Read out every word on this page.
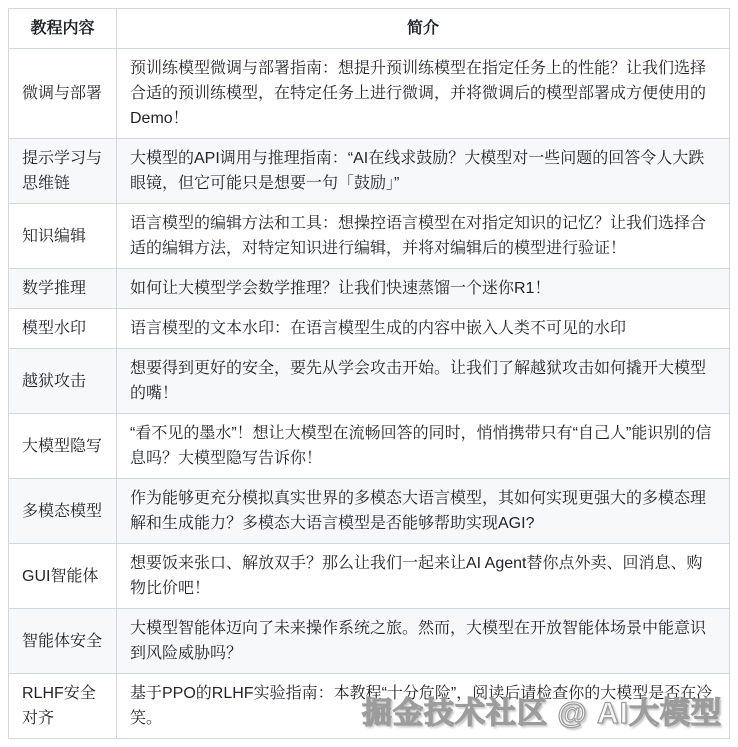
教程内容	简介
微调与部署	预训练模型微调与部署指南：想提升预训练模型在指定任务上的性能？让我们选择合适的预训练模型，在特定任务上进行微调，并将微调后的模型部署成方便使用的Demo！
提示学习与思维链	大模型的API调用与推理指南：“AI在线求鼓励？大模型对一些问题的回答令人大跌眼镜，但它可能只是想要一句「鼓励」”
知识编辑	语言模型的编辑方法和工具：想操控语言模型在对指定知识的记忆？让我们选择合适的编辑方法，对特定知识进行编辑，并将对编辑后的模型进行验证！
数学推理	如何让大模型学会数学推理？让我们快速蒸馏一个迷你R1！
模型水印	语言模型的文本水印：在语言模型生成的内容中嵌入人类不可见的水印
越狱攻击	想要得到更好的安全，要先从学会攻击开始。让我们了解越狱攻击如何撬开大模型的嘴！
大模型隐写	“看不见的墨水”！想让大模型在流畅回答的同时，悄悄携带只有“自己人”能识别的信息吗？大模型隐写告诉你！
多模态模型	作为能够更充分模拟真实世界的多模态大语言模型，其如何实现更强大的多模态理解和生成能力？多模态大语言模型是否能够帮助实现AGI?
GUI智能体	想要饭来张口、解放双手？那么让我们一起来让AI Agent替你点外卖、回消息、购物比价吧！
智能体安全	大模型智能体迈向了未来操作系统之旅。然而，大模型在开放智能体场景中能意识到风险威胁吗？
RLHF安全对齐	基于PPO的RLHF实验指南：本教程“十分危险”，阅读后请检查你的大模型是否在冷笑。	掘金技术社区 @ AI大模型
